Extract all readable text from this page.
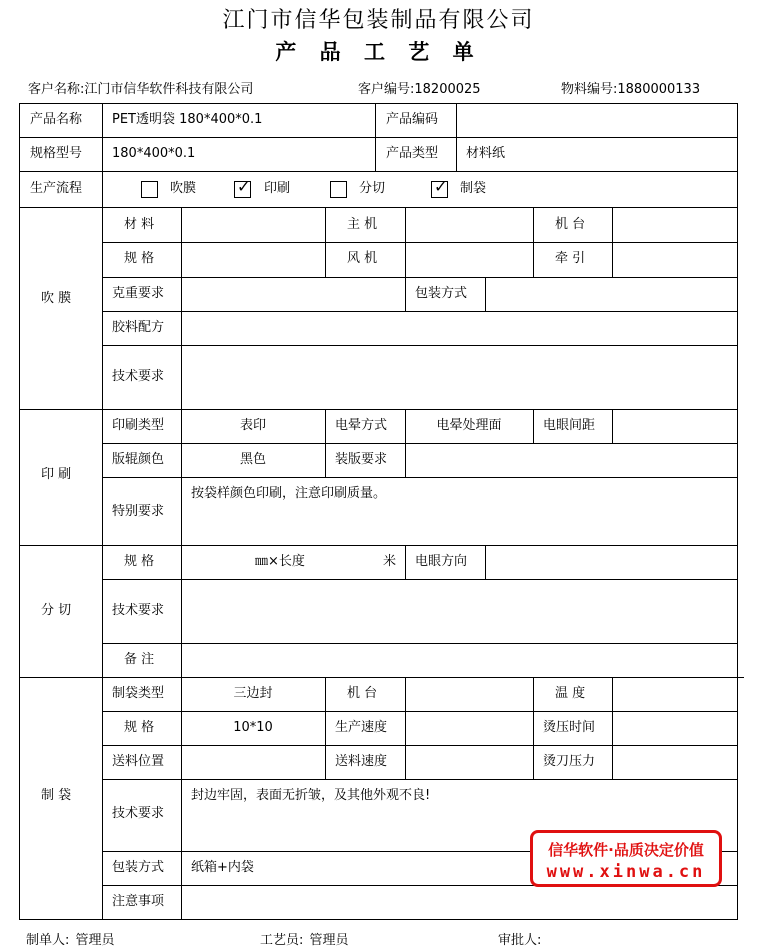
江门市信华包装制品有限公司
产 品 工 艺 单
客户名称:江门市信华软件科技有限公司	客户编号:18200025	物料编号:1880000133
产品名称 PET透明袋 180*400*0.1	产品编码
规格型号 180*400*0.1	产品类型 材料纸
生产流程	吹膜	✓ 印刷	分切	✓ 制袋
吹 膜
材 料	主 机	机 台
规 格	风 机	牵 引
克重要求	包装方式
胶料配方
技术要求
印 刷
印刷类型	表印	电晕方式	电晕处理面	电眼间距
版辊颜色	黑色	装版要求
特别要求
按袋样颜色印刷，注意印刷质量。
分 切
规 格	㎜×长度	米 电眼方向
技术要求
备 注
制 袋
制袋类型	三边封	机 台	温 度
规 格	10*10	生产速度	烫压时间
送料位置	送料速度	烫刀压力
技术要求
封边牢固，表面无折皱，及其他外观不良!
包装方式 纸箱+内袋
注意事项
制单人: 管理员	工艺员: 管理员	审批人:
信华软件·品质决定价值
www.xinwa.cn
